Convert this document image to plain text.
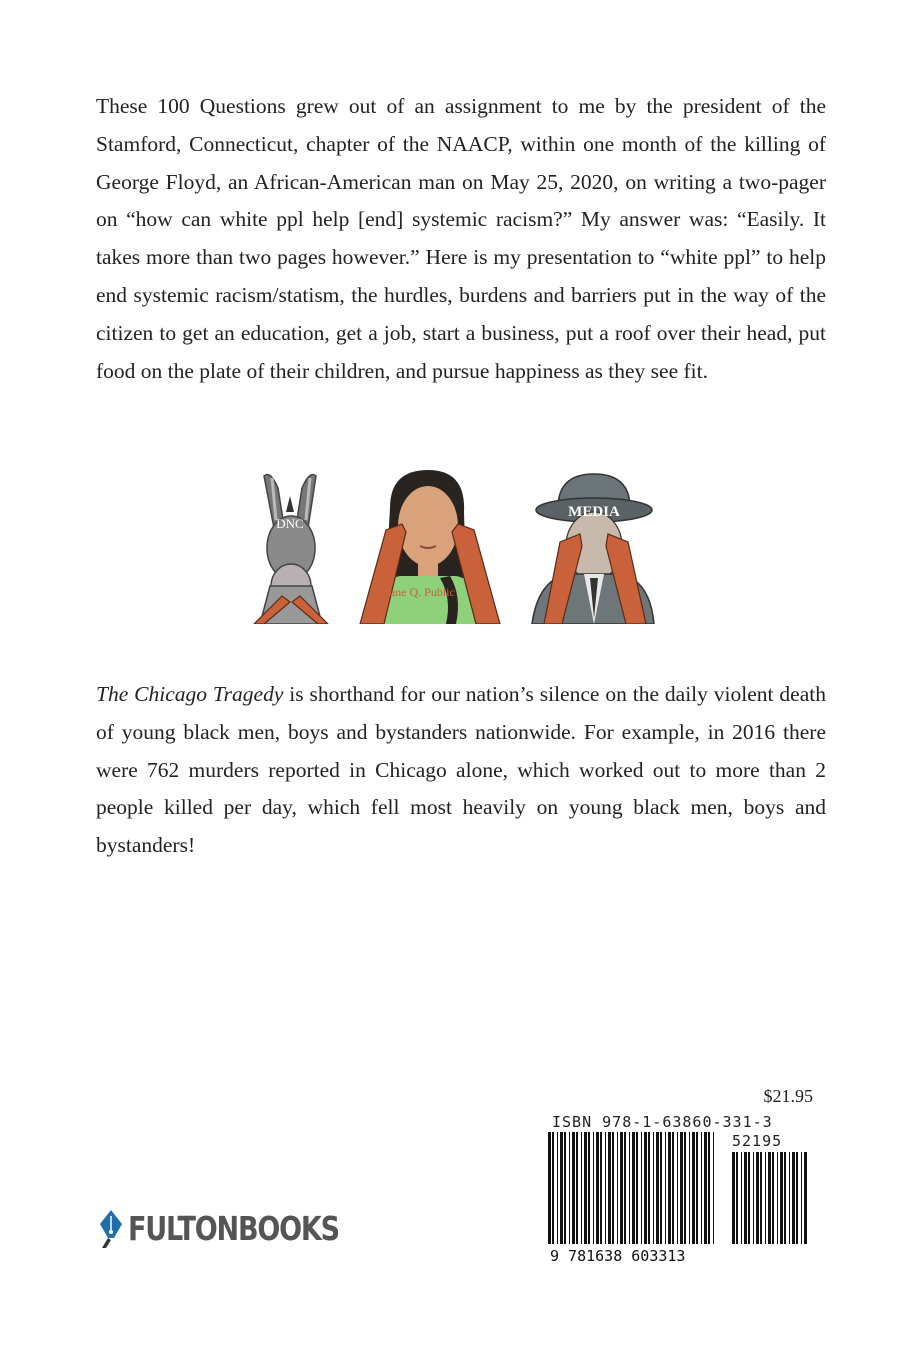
These 100 Questions grew out of an assignment to me by the president of the Stamford, Connecticut, chapter of the NAACP, within one month of the killing of George Floyd, an African-American man on May 25, 2020, on writing a two-pager on “how can white ppl help [end] systemic racism?” My answer was: “Easily. It takes more than two pages however.” Here is my presentation to “white ppl” to help end systemic racism/statism, the hurdles, burdens and barriers put in the way of the citizen to get an education, get a job, start a business, put a roof over their head, put food on the plate of their children, and pursue happiness as they see fit.

The Chicago Tragedy is shorthand for our nation’s silence on the daily violent death of young black men, boys and bystanders nationwide. For example, in 2016 there were 762 murders reported in Chicago alone, which worked out to more than 2 people killed per day, which fell most heavily on young black men, boys and bystanders!

DNC
Jane Q. Public
MEDIA
$21.95
ISBN 978-1-63860-331-3
9 781638 603313
52195
FULTONBOOKS
